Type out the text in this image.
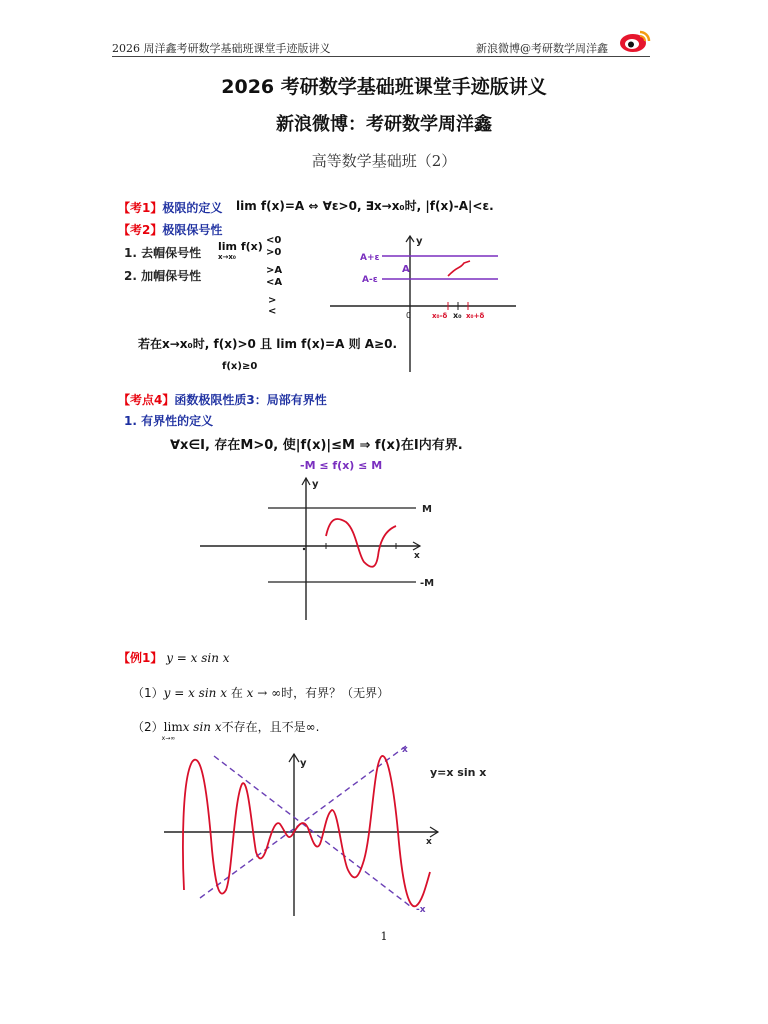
2026 周洋鑫考研数学基础班课堂手迹版讲义	新浪微博@考研数学周洋鑫
2026 考研数学基础班课堂手迹版讲义
新浪微博：考研数学周洋鑫
高等数学基础班（2）
【考1】极限的定义 lim f(x)=A ⇔ ∀ε>0, ∃x→x₀时, |f(x)-A|<ε.
【考2】极限保号性
1. 去帽保号性
2. 加帽保号性
lim f(x)
x→x₀
<0
>0
>A
<A
>
<
若在x→x₀时, f(x)>0 且 lim f(x)=A 则 A≥0.
f(x)≥0
y
0
A+ε
A
A-ε
x₀
x₀-δ	x₀+δ
【考点4】函数极限性质3：局部有界性
1. 有界性的定义
∀x∈I, 存在M>0, 使|f(x)|≤M ⇒ f(x)在I内有界.
-M ≤ f(x) ≤ M
y
x
M
-M
【例1】 y = x sin x
（1）y = x sin x 在 x → ∞时，有界？（无界）
（2）lim
x→∞
x sin x不存在，且不是∞.
y
x
y=x sin x
x
-x
1
